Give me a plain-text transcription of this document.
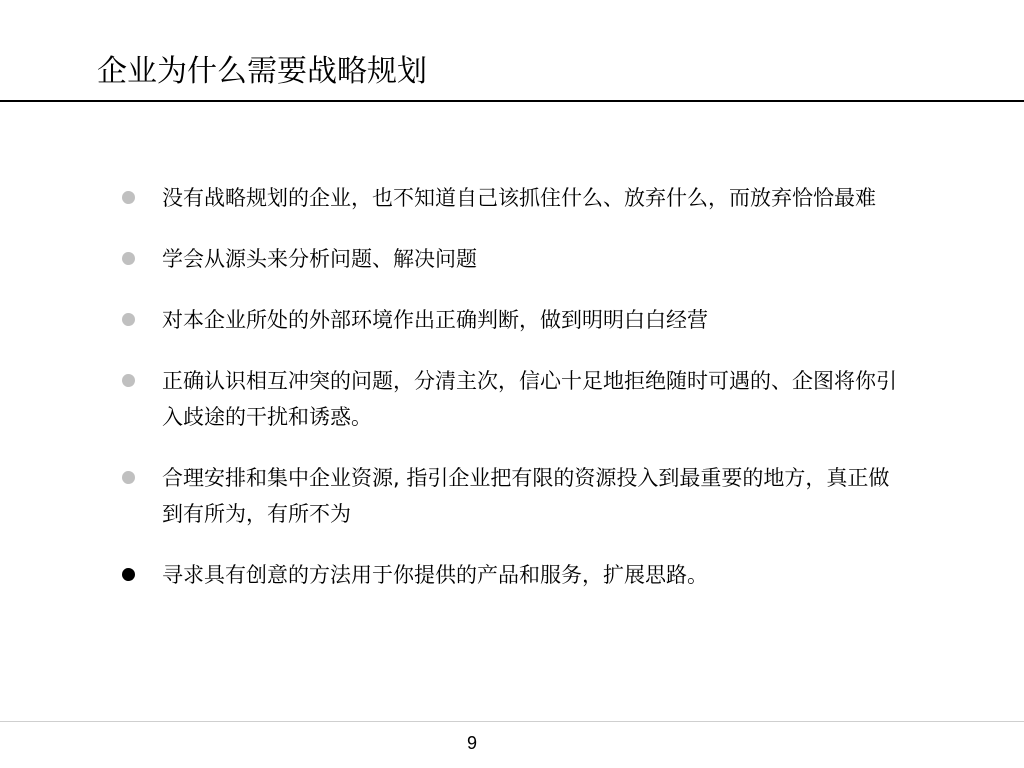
企业为什么需要战略规划
没有战略规划的企业，也不知道自己该抓住什么、放弃什么，而放弃恰恰最难
学会从源头来分析问题、解决问题
对本企业所处的外部环境作出正确判断，做到明明白白经营
正确认识相互冲突的问题，分清主次，信心十足地拒绝随时可遇的、企图将你引入歧途的干扰和诱惑。
合理安排和集中企业资源, 指引企业把有限的资源投入到最重要的地方，真正做到有所为，有所不为
寻求具有创意的方法用于你提供的产品和服务，扩展思路。
9
